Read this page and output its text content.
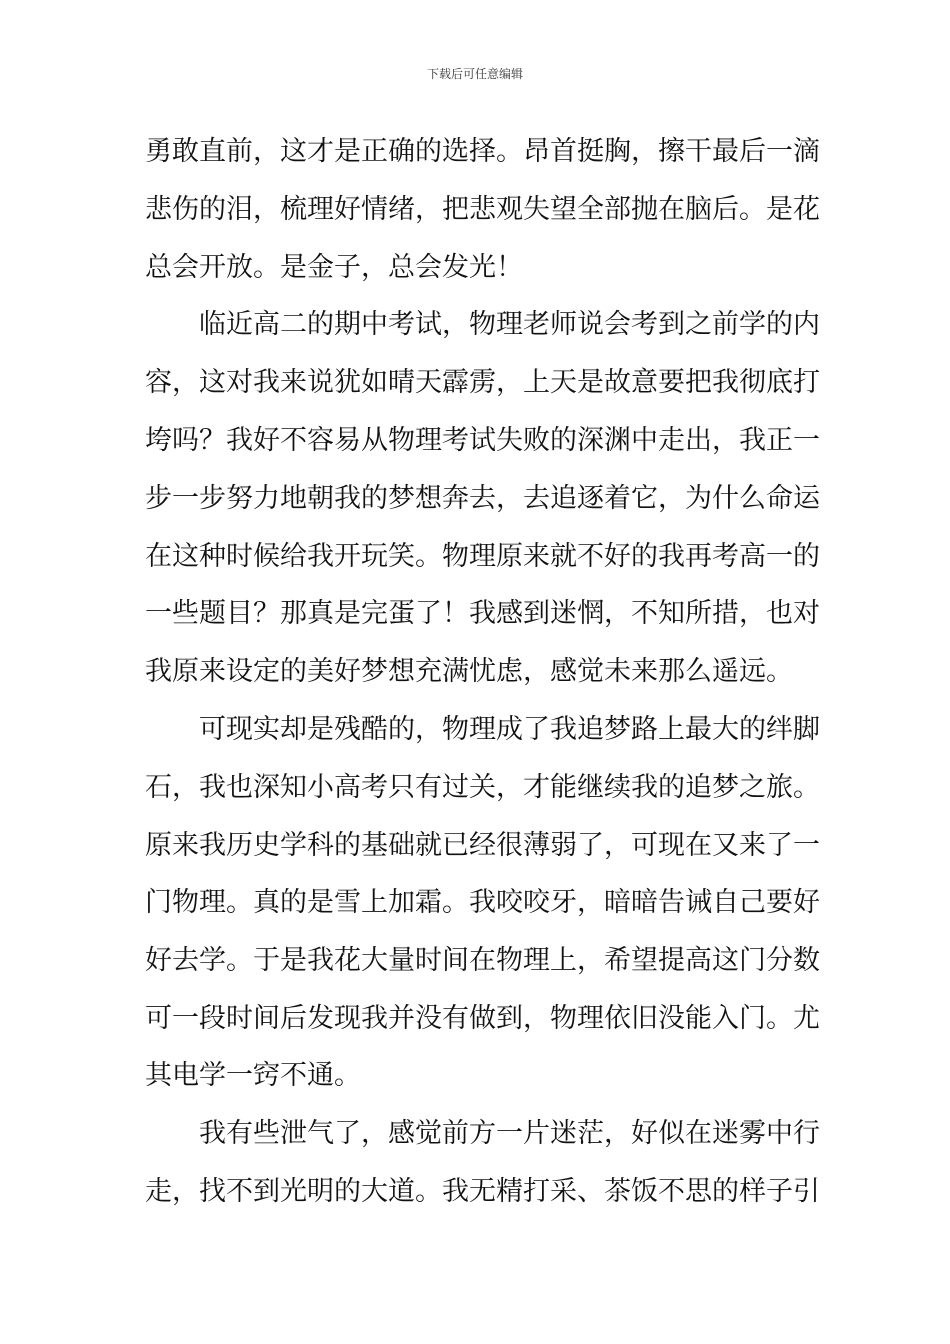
下载后可任意编辑
勇敢直前，这才是正确的选择。昂首挺胸，擦干最后一滴
悲伤的泪，梳理好情绪，把悲观失望全部抛在脑后。是花
总会开放。是金子，总会发光！
　　临近高二的期中考试，物理老师说会考到之前学的内
容，这对我来说犹如晴天霹雳，上天是故意要把我彻底打
垮吗？我好不容易从物理考试失败的深渊中走出，我正一
步一步努力地朝我的梦想奔去，去追逐着它，为什么命运
在这种时候给我开玩笑。物理原来就不好的我再考高一的
一些题目？那真是完蛋了！我感到迷惘，不知所措，也对
我原来设定的美好梦想充满忧虑，感觉未来那么遥远。
　　可现实却是残酷的，物理成了我追梦路上最大的绊脚
石，我也深知小高考只有过关，才能继续我的追梦之旅。
原来我历史学科的基础就已经很薄弱了，可现在又来了一
门物理。真的是雪上加霜。我咬咬牙，暗暗告诫自己要好
好去学。于是我花大量时间在物理上，希望提高这门分数
可一段时间后发现我并没有做到，物理依旧没能入门。尤
其电学一窍不通。
　　我有些泄气了，感觉前方一片迷茫，好似在迷雾中行
走，找不到光明的大道。我无精打采、茶饭不思的样子引
